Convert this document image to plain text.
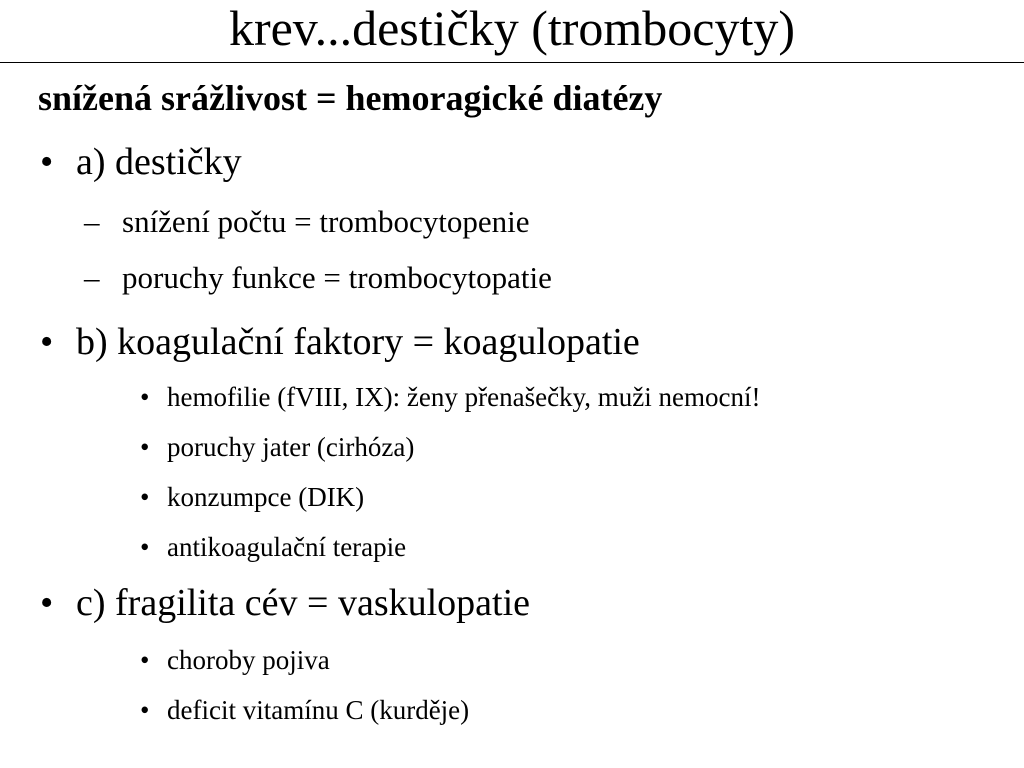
krev...destičky (trombocyty)
snížená srážlivost = hemoragické diatézy
• a) destičky
– snížení počtu = trombocytopenie
– poruchy funkce = trombocytopatie
• b) koagulační faktory = koagulopatie
• hemofilie (fVIII, IX): ženy přenašečky, muži nemocní!
• poruchy jater (cirhóza)
• konzumpce (DIK)
• antikoagulační terapie
• c) fragilita cév = vaskulopatie
• choroby pojiva
• deficit vitamínu C (kurděje)
